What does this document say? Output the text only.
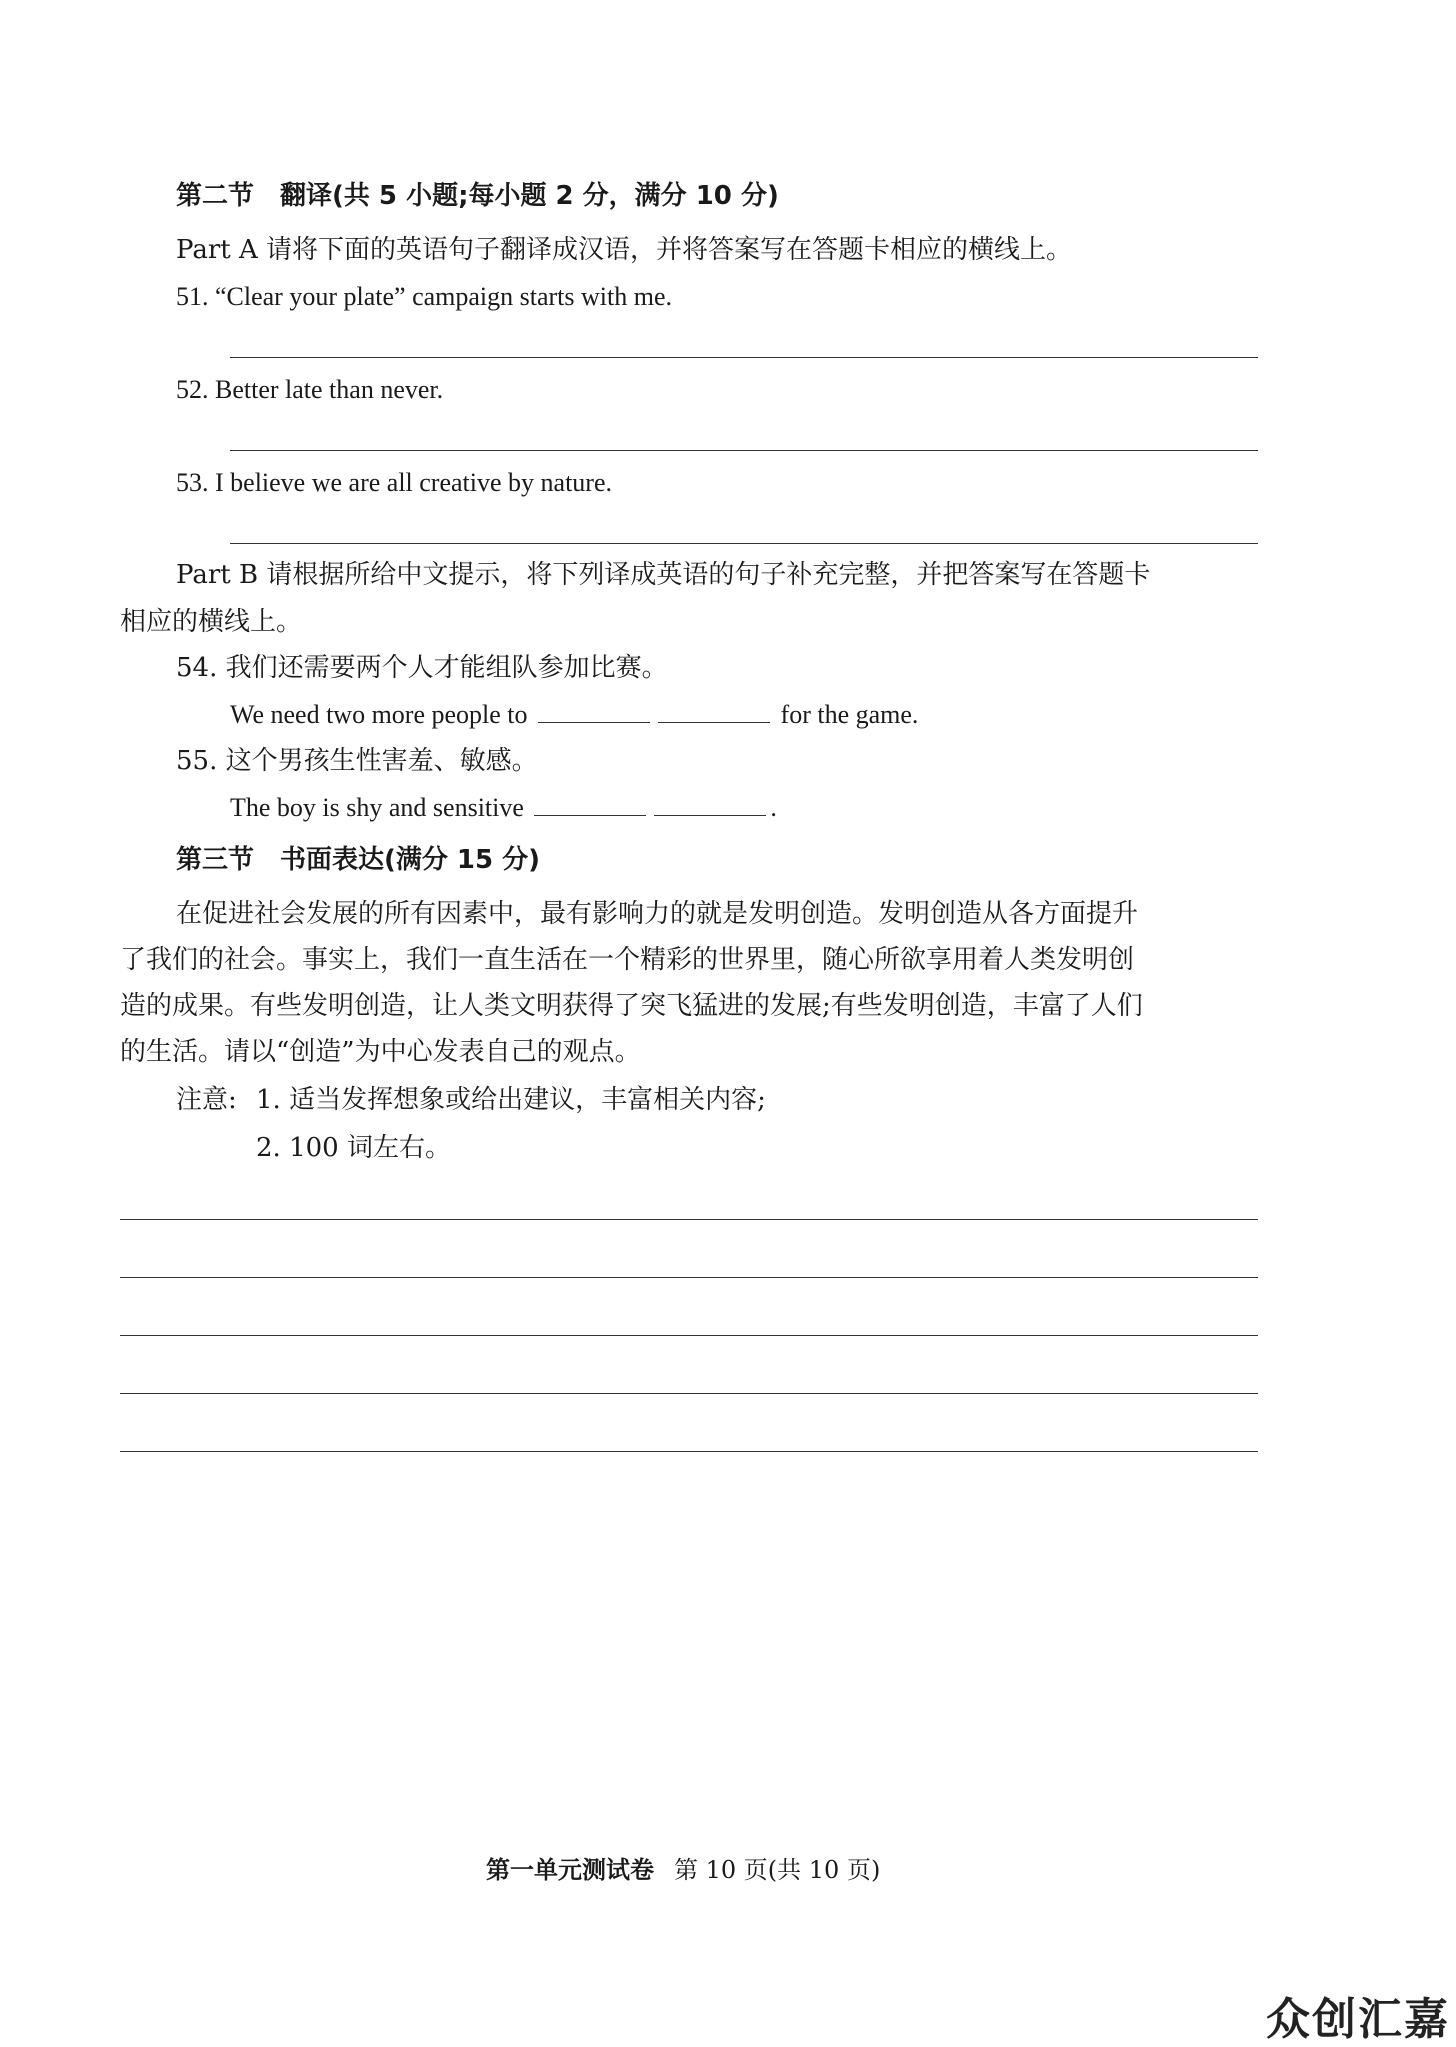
第二节　翻译(共 5 小题;每小题 2 分，满分 10 分)
Part A 请将下面的英语句子翻译成汉语，并将答案写在答题卡相应的横线上。
51. “Clear your plate” campaign starts with me.
52. Better late than never.
53. I believe we are all creative by nature.
Part B 请根据所给中文提示，将下列译成英语的句子补充完整，并把答案写在答题卡
相应的横线上。
54. 我们还需要两个人才能组队参加比赛。
We need two more people to	for the game.
55. 这个男孩生性害羞、敏感。
The boy is shy and sensitive	.
第三节　书面表达(满分 15 分)
在促进社会发展的所有因素中，最有影响力的就是发明创造。发明创造从各方面提升
了我们的社会。事实上，我们一直生活在一个精彩的世界里，随心所欲享用着人类发明创
造的成果。有些发明创造，让人类文明获得了突飞猛进的发展;有些发明创造，丰富了人们
的生活。请以“创造”为中心发表自己的观点。
注意: 1. 适当发挥想象或给出建议，丰富相关内容;
2. 100 词左右。
第一单元测试卷 第 10 页(共 10 页)
众创汇嘉
